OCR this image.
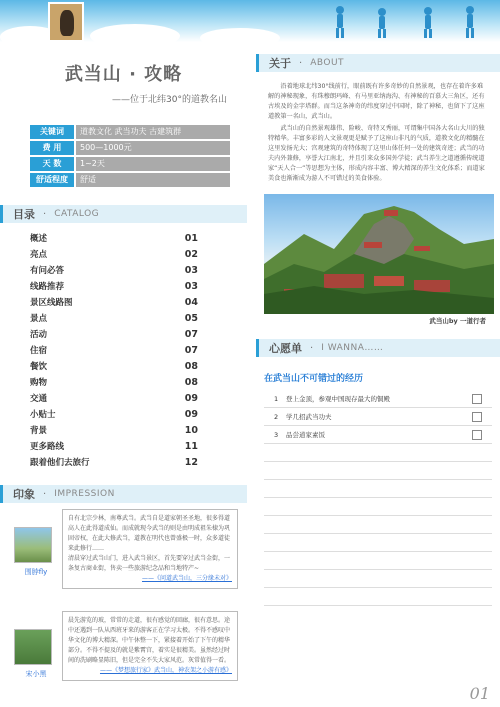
武当山 · 攻略
——位于北纬30°的道教名山
关键词	道教文化 武当功夫 古建筑群
费 用	500—1000元
天 数	1~2天
舒适程度	舒适
目录 · CATALOG
概述	01
亮点	02
有问必答	03
线路推荐	03
景区线路图	04
景点	05
活动	07
住宿	07
餐饮	08
购物	08
交通	09
小贴士	09
背景	10
更多路线	11
跟着他们去旅行	12
印象 · IMPRESSION
围脖fly
自有北宗少林，南尊武当。武当自是道家朝圣圣地，很多得道高人在此得道成仙。而成就现今武当的则是由明成祖朱棣为巩固帝权，在此大修武当，道教在明代也曾盛极一时，众多道徒来此修行……
清晨穿过武当山门，进入武当景区，首先要穿过武当金街，一条复古商业街，售卖一些旅游纪念品和当地特产~
——《问道武当山，三分缘未对》
宋小黑
晨先游览的玻，常常的走道，很有感觉的回廊，很有意思。途中还遇到一队从西班牙来的游客正在学习太极。不得不感叹中华文化的博大精深。中午休整一下，紧接着开始了下午的精华部分。不得不提及的就是紫霄宫，着实是很精美。虽然经过时间的洗刷略显陈旧，但是完全不失大家风范。灰常值得一看。
——《梦想旅行家》武当山，神农架之小游有感》
关于 · ABOUT
沿着地球北纬30°线前行，眼前既有许多奇妙的自然景观，也存在着许多难解的神秘现象，有珠穆朗玛峰、有马里亚纳海沟、有神秘的百慕大三角区，还有古埃及的金字塔群。而当这条神奇的纬度穿过中国时，除了神秘，也留下了这座道教第一名山，武当山。
武当山的自然景观雄伟、险峻、奇特又秀丽，可谓集中国各大名山大川的独特精华。丰富多彩的人文景观更是赋予了这座山非凡的气质，道教文化的精髓在这里发扬光大；宫观建筑的奇特体现了这里山体任何一处的建筑奇迹；武当的功夫内外兼修，享誉大江南北，并且引来众多国外学徒；武当养生之道遵循传统道家“天人合一”等思想为主体，形成内容丰富、博大精深的养生文化体系；而道家美食也渐渐成为游人不可错过的美食体验。
武当山by 一道行者
心愿单 · I WANNA……
在武当山不可错过的经历
1	登上金顶，参观中国现存最大的铜殿
2	学几招武当功夫
3	品尝道家素饭
01
